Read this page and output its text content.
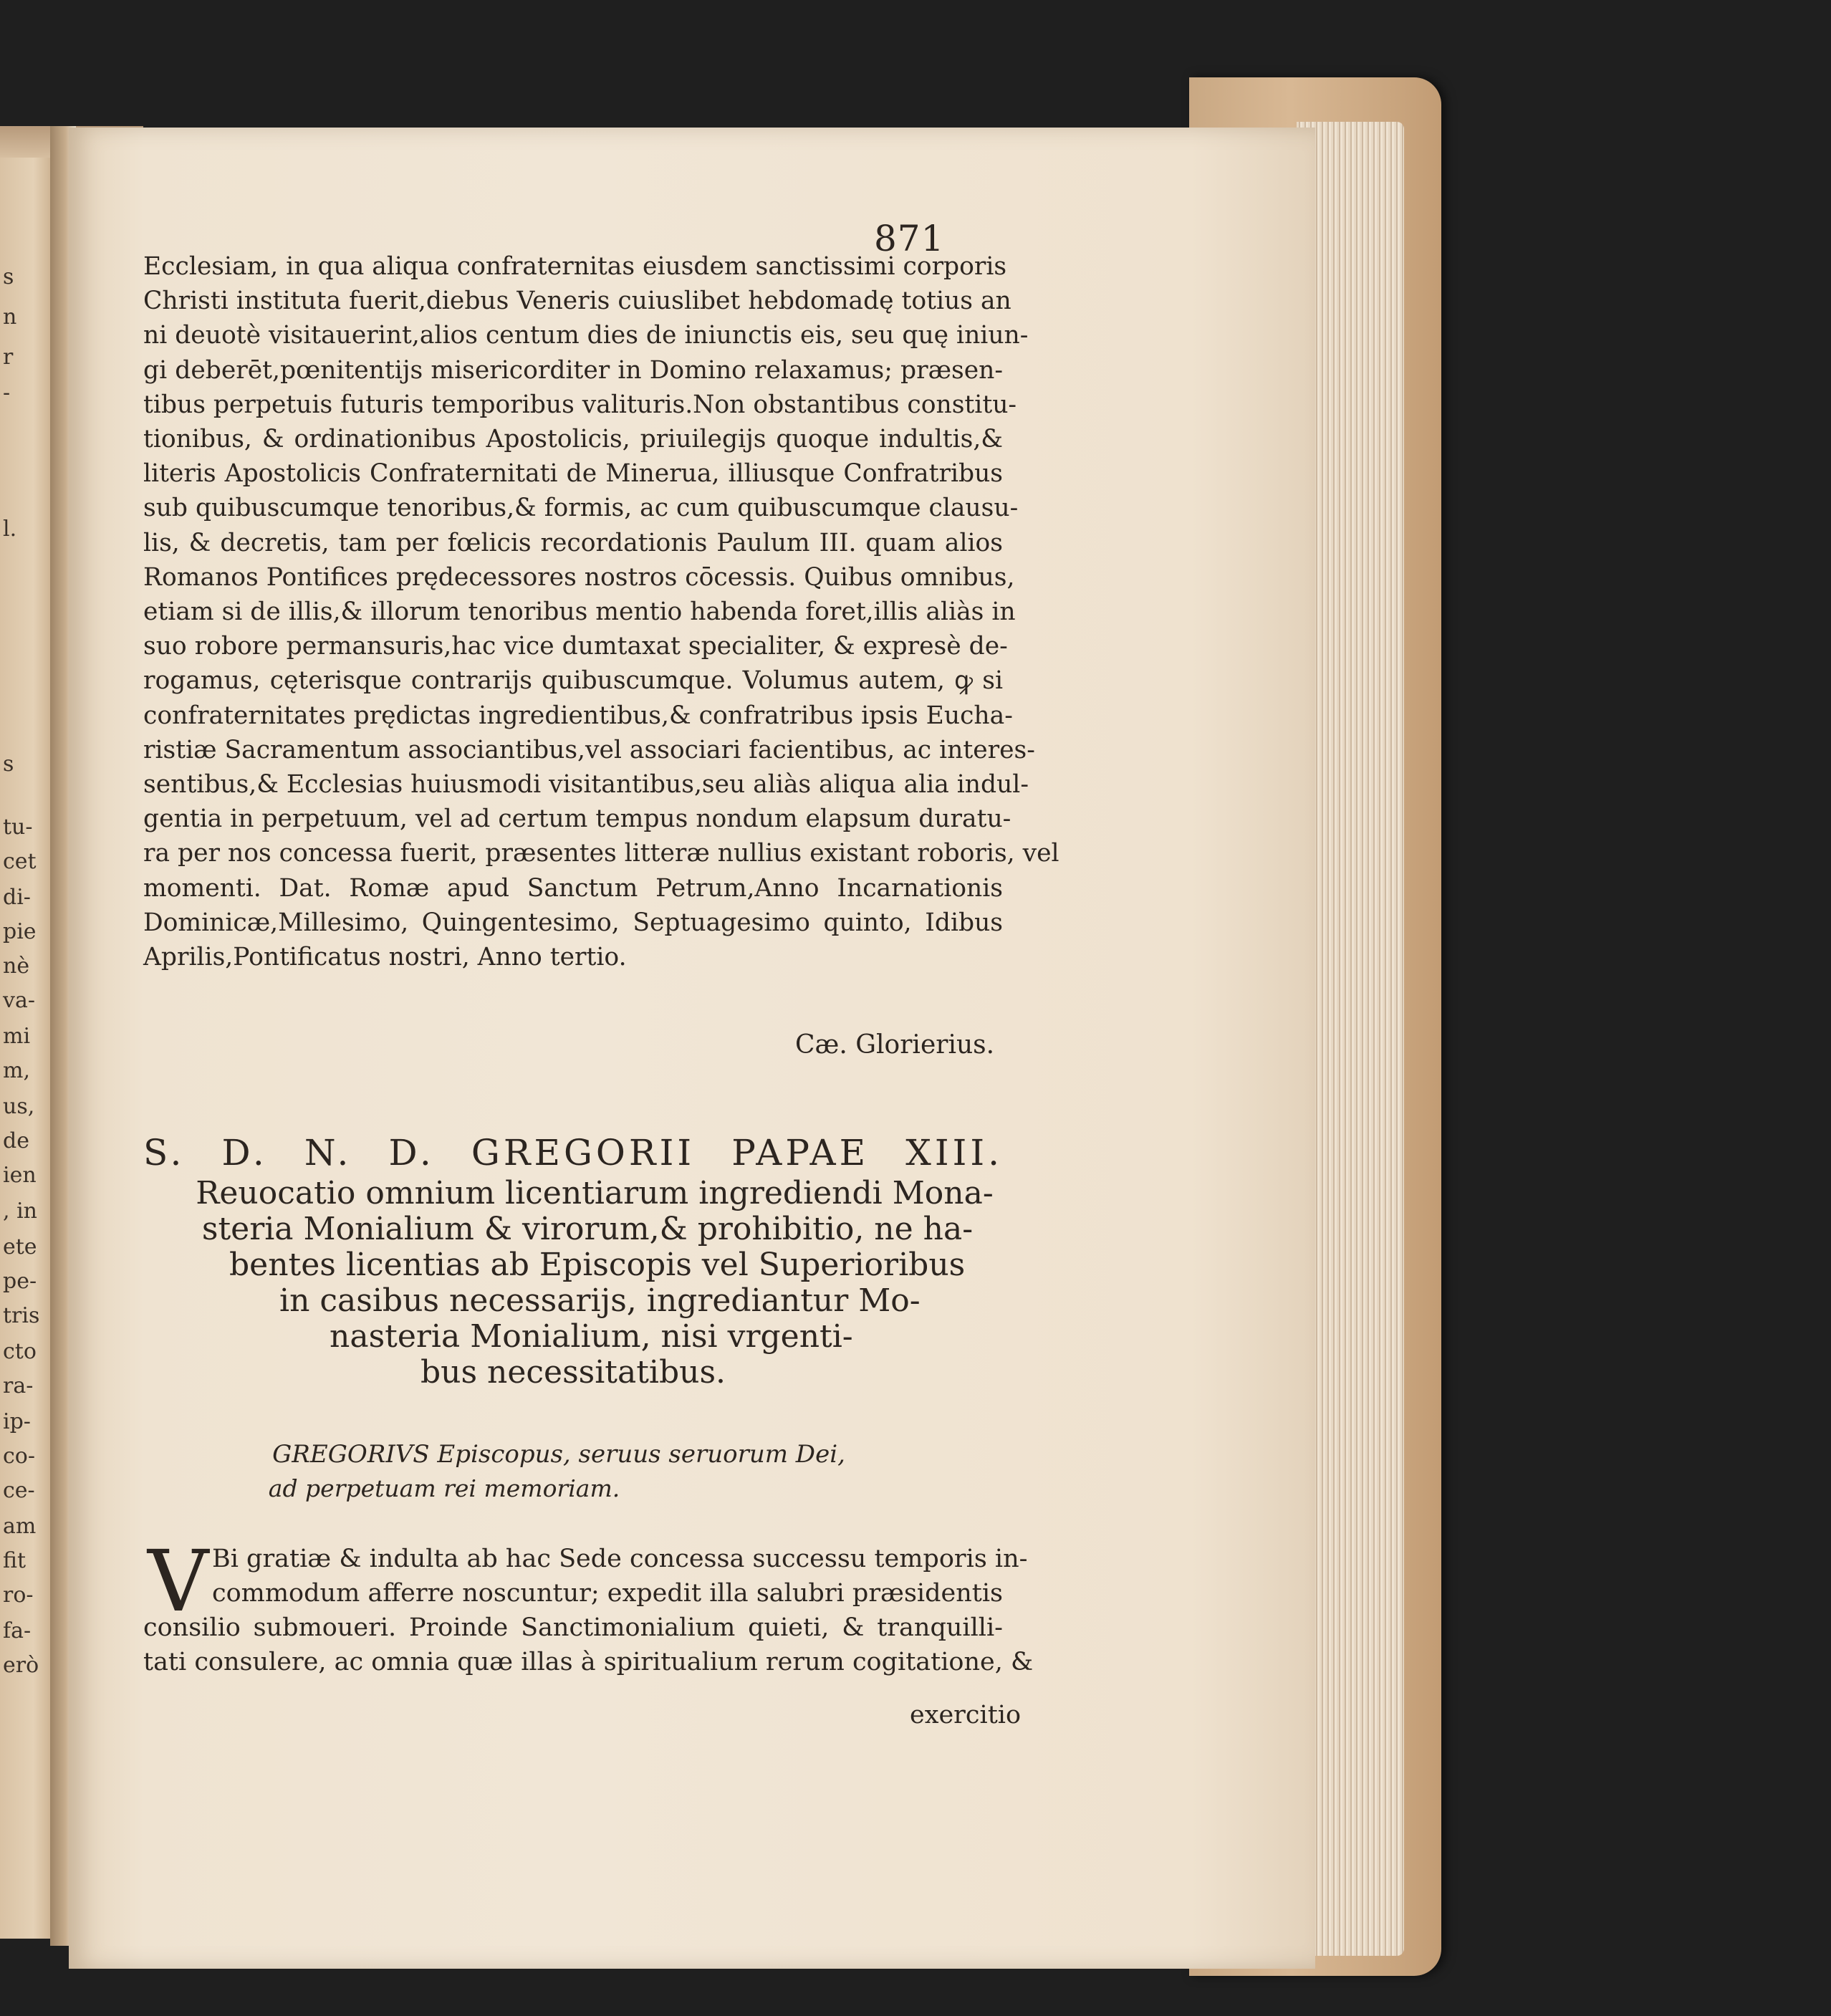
s
n
r
-
l.
s
tu-
cet
di-
pie
nè
va-
mi
m,
us,
de
ien
, in
ete
pe-
tris
cto
ra-
ip-
co-
ce-
am
fit
ro-
fa-
erò
871
Ecclesiam, in qua aliqua confraternitas eiusdem sanctissimi corporis
Christi instituta fuerit,diebus Veneris cuiuslibet hebdomadę totius an
ni deuotè visitauerint,alios centum dies de iniunctis eis, seu quę iniun-
gi deberēt,pœnitentijs misericorditer in Domino relaxamus; præsen-
tibus perpetuis futuris temporibus valituris.Non obstantibus constitu-
tionibus, & ordinationibus Apostolicis, priuilegijs quoque indultis,&
literis Apostolicis Confraternitati de Minerua, illiusque Confratribus
sub quibuscumque tenoribus,& formis, ac cum quibuscumque clausu-
lis, & decretis, tam per fœlicis recordationis Paulum III. quam alios
Romanos Pontifices prędecessores nostros cōcessis. Quibus omnibus,
etiam si de illis,& illorum tenoribus mentio habenda foret,illis aliàs in
suo robore permansuris,hac vice dumtaxat specialiter, & expresè de-
rogamus, cęterisque contrarijs quibuscumque. Volumus autem, ꝙ si
confraternitates prędictas ingredientibus,& confratribus ipsis Eucha-
ristiæ Sacramentum associantibus,vel associari facientibus, ac interes-
sentibus,& Ecclesias huiusmodi visitantibus,seu aliàs aliqua alia indul-
gentia in perpetuum, vel ad certum tempus nondum elapsum duratu-
ra per nos concessa fuerit, præsentes litteræ nullius existant roboris, vel
momenti. Dat. Romæ apud Sanctum Petrum,Anno Incarnationis
Dominicæ,Millesimo, Quingentesimo, Septuagesimo quinto, Idibus
Aprilis,Pontificatus nostri, Anno tertio.
Cæ. Glorierius.
S. D. N. D. GREGORII PAPAE XIII.
Reuocatio omnium licentiarum ingrediendi Mona-
steria Monialium & virorum,& prohibitio, ne ha-
bentes licentias ab Episcopis vel Superioribus
in casibus necessarijs, ingrediantur Mo-
nasteria Monialium, nisi vrgenti-
bus necessitatibus.
GREGORIVS Episcopus, seruus seruorum Dei,
ad perpetuam rei memoriam.
V Bi gratiæ & indulta ab hac Sede concessa successu temporis in-
commodum afferre noscuntur; expedit illa salubri præsidentis
consilio submoueri. Proinde Sanctimonialium quieti, & tranquilli-
tati consulere, ac omnia quæ illas à spiritualium rerum cogitatione, &
exercitio
